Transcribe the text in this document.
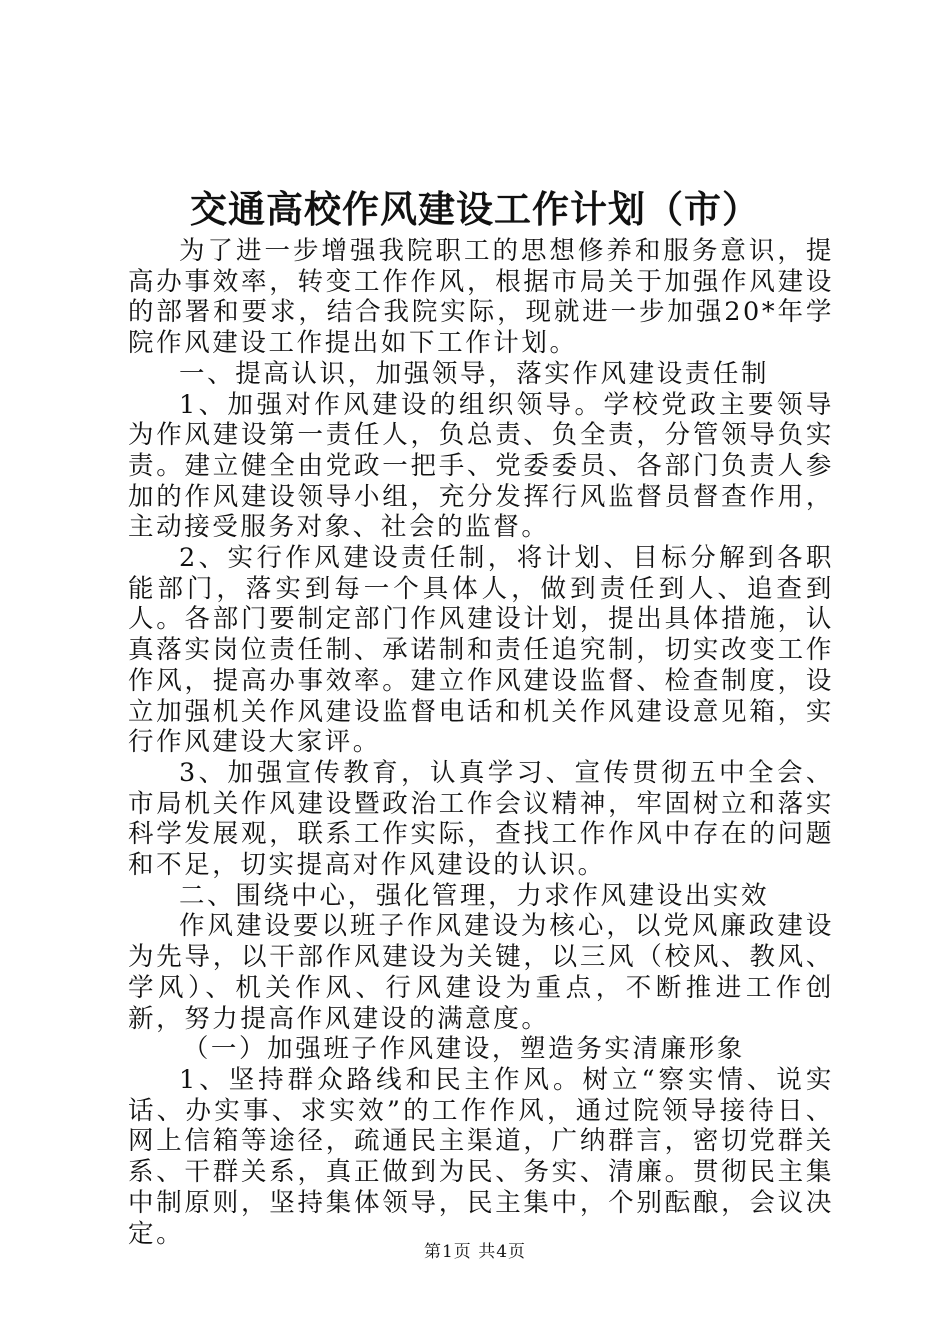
交通高校作风建设工作计划（市）

为了进一步增强我院职工的思想修养和服务意识，提高办事效率，转变工作作风，根据市局关于加强作风建设的部署和要求，结合我院实际，现就进一步加强20*年学院作风建设工作提出如下工作计划。

一、提高认识，加强领导，落实作风建设责任制

1、加强对作风建设的组织领导。学校党政主要领导为作风建设第一责任人，负总责、负全责，分管领导负实责。建立健全由党政一把手、党委委员、各部门负责人参加的作风建设领导小组，充分发挥行风监督员督查作用，主动接受服务对象、社会的监督。

2、实行作风建设责任制，将计划、目标分解到各职能部门，落实到每一个具体人，做到责任到人、追查到人。各部门要制定部门作风建设计划，提出具体措施，认真落实岗位责任制、承诺制和责任追究制，切实改变工作作风，提高办事效率。建立作风建设监督、检查制度，设立加强机关作风建设监督电话和机关作风建设意见箱，实行作风建设大家评。

3、加强宣传教育，认真学习、宣传贯彻五中全会、市局机关作风建设暨政治工作会议精神，牢固树立和落实科学发展观，联系工作实际，查找工作作风中存在的问题和不足，切实提高对作风建设的认识。

二、围绕中心，强化管理，力求作风建设出实效

作风建设要以班子作风建设为核心，以党风廉政建设为先导，以干部作风建设为关键，以三风（校风、教风、学风）、机关作风、行风建设为重点，不断推进工作创新，努力提高作风建设的满意度。

（一）加强班子作风建设，塑造务实清廉形象

1、坚持群众路线和民主作风。树立“察实情、说实话、办实事、求实效”的工作作风，通过院领导接待日、网上信箱等途径，疏通民主渠道，广纳群言，密切党群关系、干群关系，真正做到为民、务实、清廉。贯彻民主集中制原则，坚持集体领导，民主集中，个别酝酿，会议决定。

第1页 共4页
